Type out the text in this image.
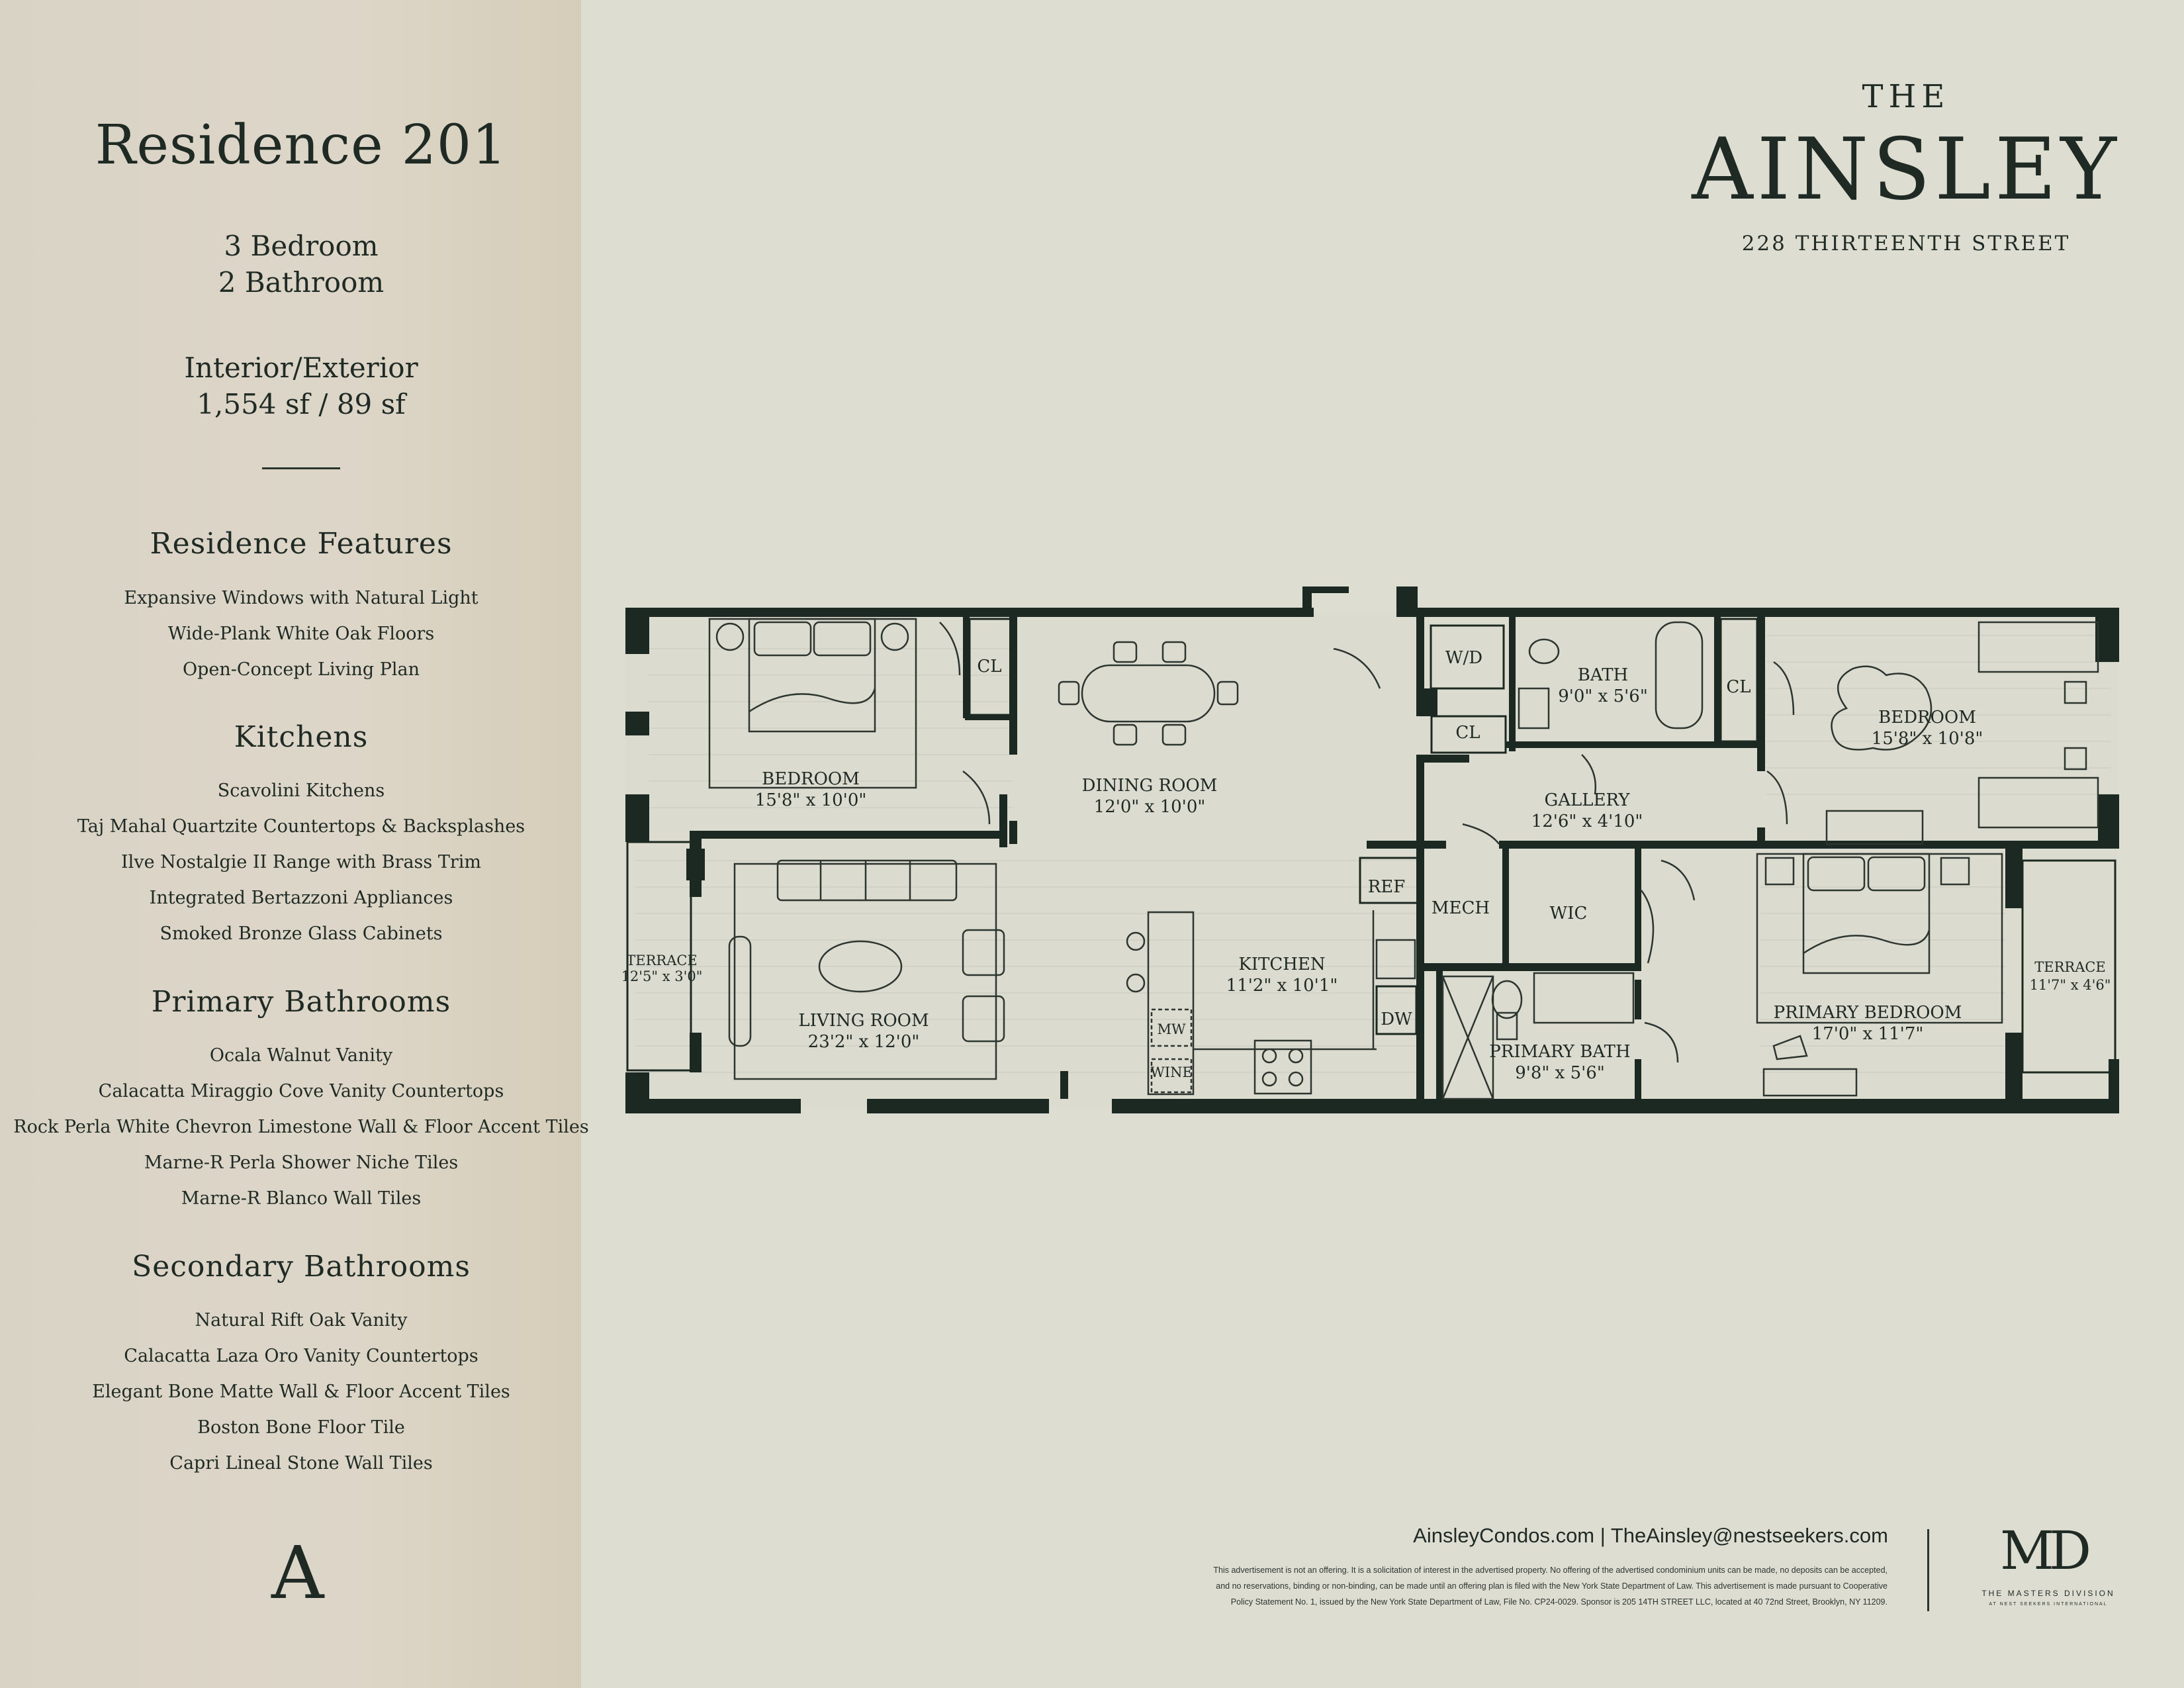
Residence 201
3 Bedroom
2 Bathroom
Interior/Exterior
1,554 sf / 89 sf
Residence Features
Expansive Windows with Natural Light
Wide-Plank White Oak Floors
Open-Concept Living Plan
Kitchens
Scavolini Kitchens
Taj Mahal Quartzite Countertops & Backsplashes
Ilve Nostalgie II Range with Brass Trim
Integrated Bertazzoni Appliances
Smoked Bronze Glass Cabinets
Primary Bathrooms
Ocala Walnut Vanity
Calacatta Miraggio Cove Vanity Countertops
Rock Perla White Chevron Limestone Wall & Floor Accent Tiles
Marne-R Perla Shower Niche Tiles
Marne-R Blanco Wall Tiles
Secondary Bathrooms
Natural Rift Oak Vanity
Calacatta Laza Oro Vanity Countertops
Elegant Bone Matte Wall & Floor Accent Tiles
Boston Bone Floor Tile
Capri Lineal Stone Wall Tiles
A
THE
AINSLEY
228 THIRTEENTH STREET
BEDROOM
15'8" x 10'0"
CL
DINING ROOM
12'0" x 10'0"
LIVING ROOM
23'2" x 12'0"
TERRACE
12'5" x 3'0"
KITCHEN
11'2" x 10'1"
REF
DW
MW
WINE
W/D
CL
BATH
9'0" x 5'6"	CL
GALLERY
12'6" x 4'10"
BEDROOM
15'8" x 10'8"
MECH	WIC
PRIMARY BEDROOM
17'0" x 11'7"
PRIMARY BATH
9'8" x 5'6"
TERRACE
11'7" x 4'6"
AinsleyCondos.com | TheAinsley@nestseekers.com
This advertisement is not an offering. It is a solicitation of interest in the advertised property. No offering of the advertised condominium units can be made, no deposits can be accepted,
and no reservations, binding or non-binding, can be made until an offering plan is filed with the New York State Department of Law. This advertisement is made pursuant to Cooperative
Policy Statement No. 1, issued by the New York State Department of Law, File No. CP24-0029. Sponsor is 205 14TH STREET LLC, located at 40 72nd Street, Brooklyn, NY 11209.
MD
THE MASTERS DIVISION
AT NEST SEEKERS INTERNATIONAL
